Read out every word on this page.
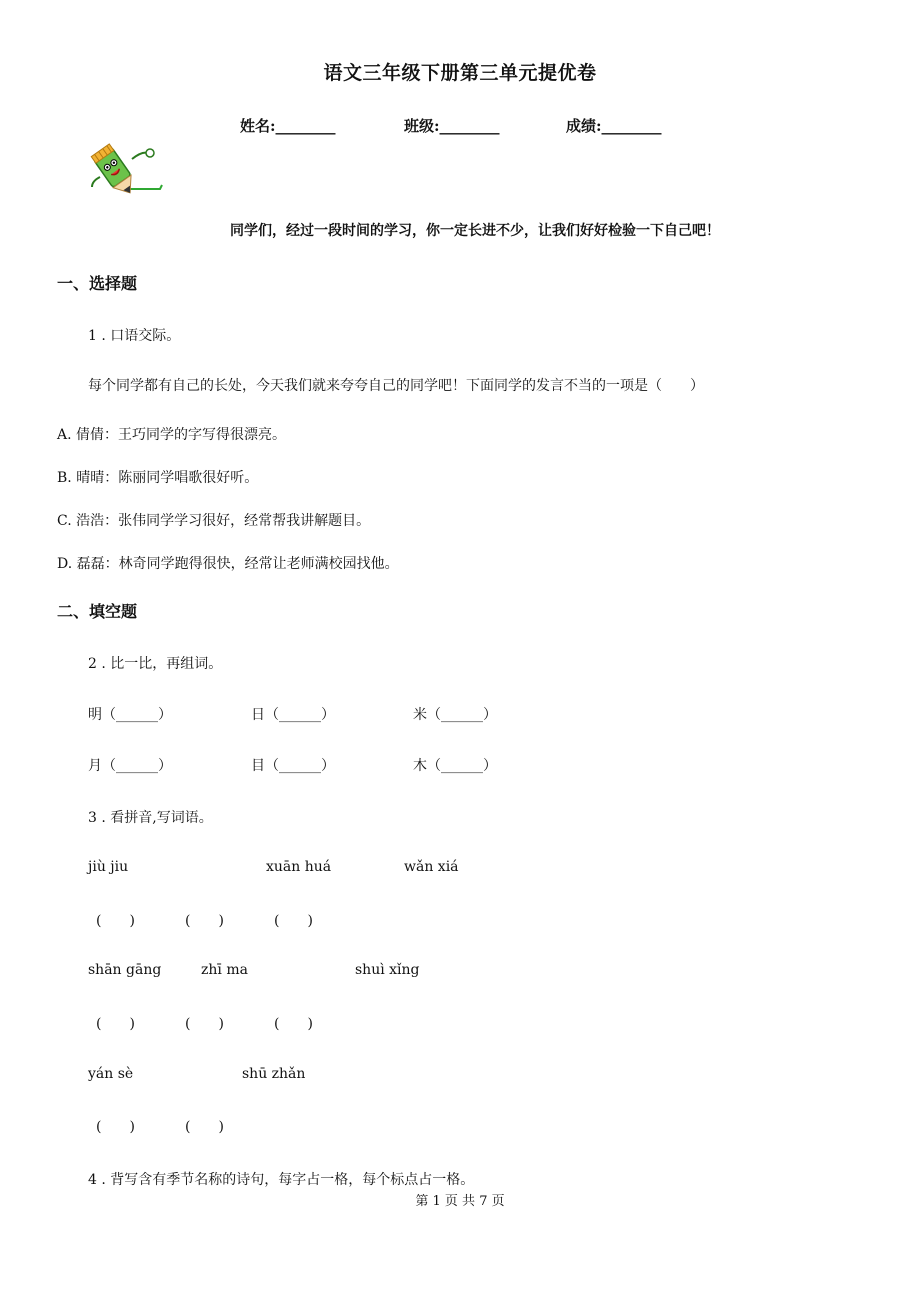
语文三年级下册第三单元提优卷
姓名:________	班级:________	成绩:________
同学们，经过一段时间的学习，你一定长进不少，让我们好好检验一下自己吧！
一、选择题
1 . 口语交际。
每个同学都有自己的长处，今天我们就来夸夸自己的同学吧！下面同学的发言不当的一项是（　　）
A. 倩倩：王巧同学的字写得很漂亮。
B. 晴晴：陈丽同学唱歌很好听。
C. 浩浩：张伟同学学习很好，经常帮我讲解题目。
D. 磊磊：林奇同学跑得很快，经常让老师满校园找他。
二、填空题
2 . 比一比，再组词。
明（______）	日（______）	米（______）
月（______）	目（______）	木（______）
3 . 看拼音,写词语。
jiù jiu	xuān huá	wǎn xiá
(　　)	(　　)	(　　)
shān gāng	zhī ma	shuì xǐng
(　　)	(　　)	(　　)
yán sè	shū zhǎn
(　　)	(　　)
4 . 背写含有季节名称的诗句，每字占一格，每个标点占一格。
第 1 页 共 7 页
